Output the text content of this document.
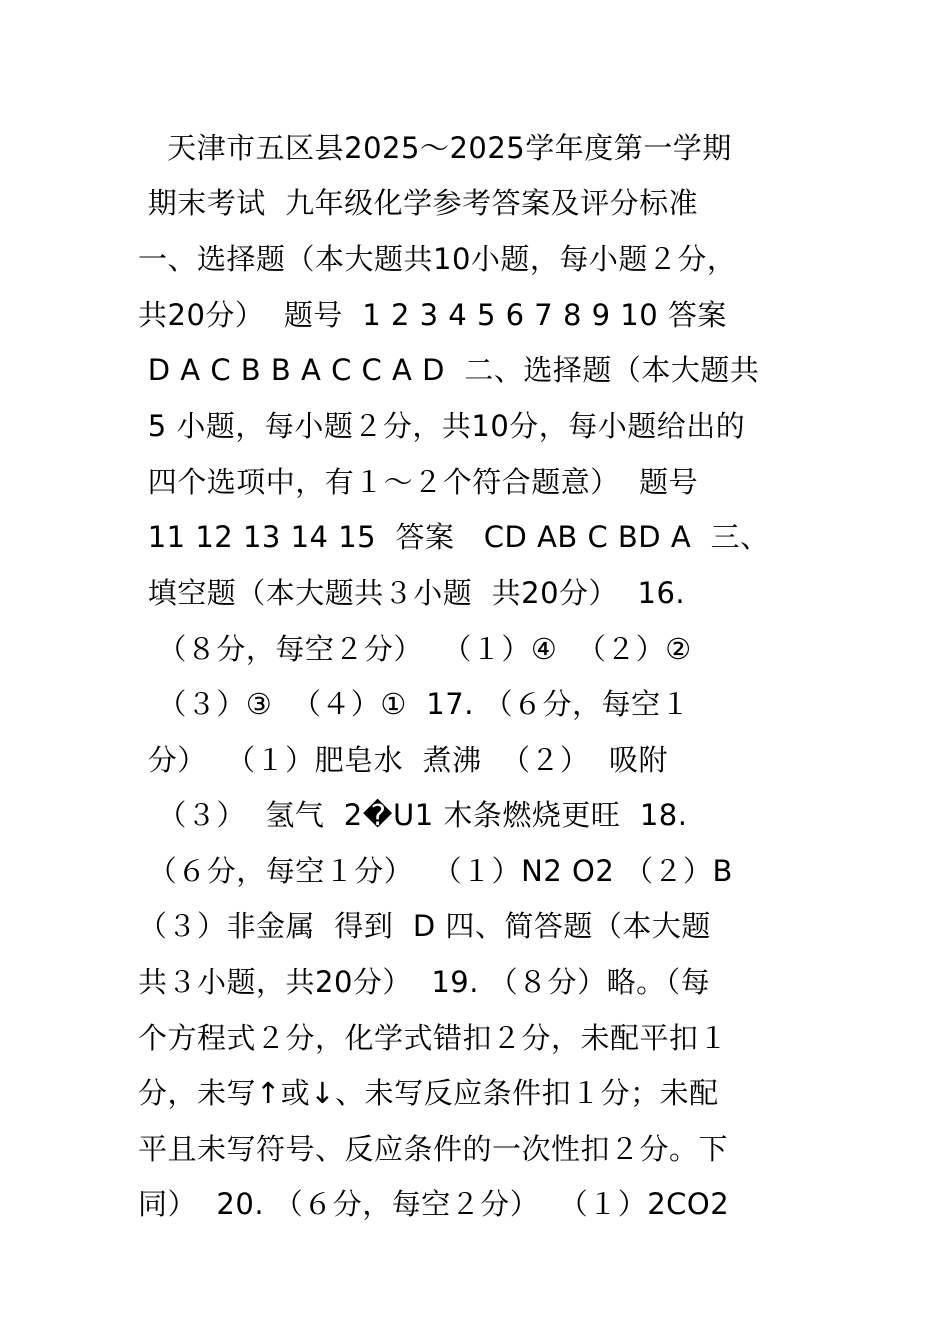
天津市五区县2025～2025学年度第一学期
期末考试  九年级化学参考答案及评分标准
一、选择题（本大题共10小题，每小题２分，
共20分）  题号  1 2 3 4 5 6 7 8 9 10 答案
D A C B B A C C A D  二、选择题（本大题共
5 小题，每小题２分，共10分，每小题给出的
四个选项中，有１～２个符合题意）  题号
11 12 13 14 15  答案   CD AB C BD A  三、
填空题（本大题共３小题  共20分）  16.
（８分，每空２分）  （１）④  （２）②
（３）③  （４）①  17. （６分，每空１
分）  （１）肥皂水  煮沸  （２）  吸附
（３）  氢气  2�U1 木条燃烧更旺  18.
（６分，每空１分）  （１）N2 O2 （２）B
（３）非金属  得到  D 四、简答题（本大题
共３小题，共20分）  19. （８分）略。（每
个方程式２分，化学式错扣２分，未配平扣１
分，未写↑或↓、未写反应条件扣１分；未配
平且未写符号、反应条件的一次性扣２分。下
同）  20. （６分，每空２分）  （１）2CO2
